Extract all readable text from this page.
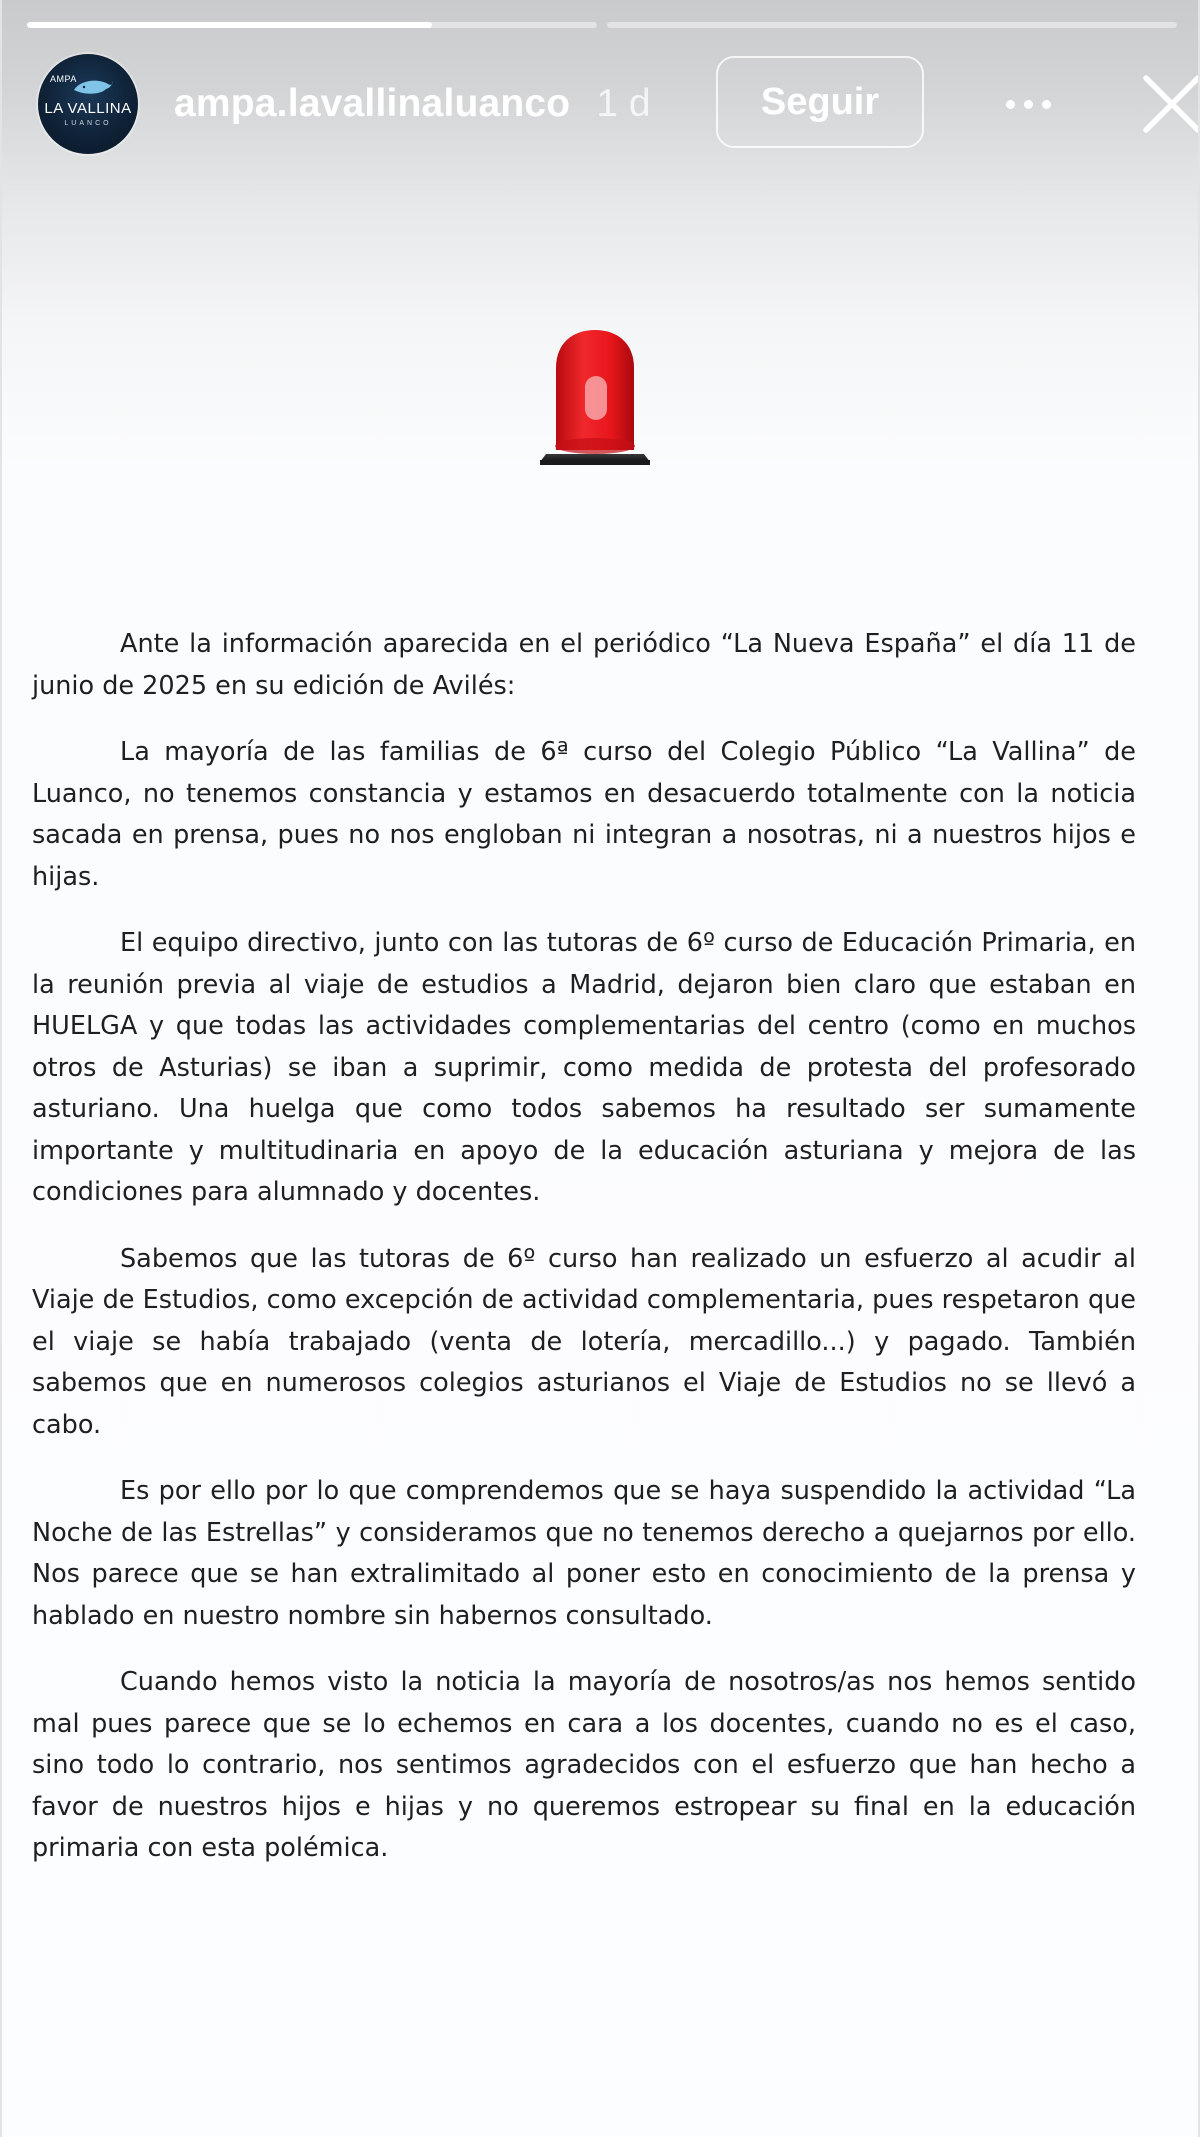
AMPA
LA VALLINA
LUANCO	ampa.lavallinaluanco 1 d	Seguir

Ante la información aparecida en el periódico “La Nueva España” el día 11 de junio de 2025 en su edición de Avilés:

La mayoría de las familias de 6ª curso del Colegio Público “La Vallina” de Luanco, no tenemos constancia y estamos en desacuerdo totalmente con la noticia sacada en prensa, pues no nos engloban ni integran a nosotras, ni a nuestros hijos e hijas.

El equipo directivo, junto con las tutoras de 6º curso de Educación Primaria, en la reunión previa al viaje de estudios a Madrid, dejaron bien claro que estaban en HUELGA y que todas las actividades complementarias del centro (como en muchos otros de Asturias) se iban a suprimir, como medida de protesta del profesorado asturiano. Una huelga que como todos sabemos ha resultado ser sumamente importante y multitudinaria en apoyo de la educación asturiana y mejora de las condiciones para alumnado y docentes.

Sabemos que las tutoras de 6º curso han realizado un esfuerzo al acudir al Viaje de Estudios, como excepción de actividad complementaria, pues respetaron que el viaje se había trabajado (venta de lotería, mercadillo...) y pagado. También sabemos que en numerosos colegios asturianos el Viaje de Estudios no se llevó a cabo.

Es por ello por lo que comprendemos que se haya suspendido la actividad “La Noche de las Estrellas” y consideramos que no tenemos derecho a quejarnos por ello. Nos parece que se han extralimitado al poner esto en conocimiento de la prensa y hablado en nuestro nombre sin habernos consultado.

Cuando hemos visto la noticia la mayoría de nosotros/as nos hemos sentido mal pues parece que se lo echemos en cara a los docentes, cuando no es el caso, sino todo lo contrario, nos sentimos agradecidos con el esfuerzo que han hecho a favor de nuestros hijos e hijas y no queremos estropear su final en la educación primaria con esta polémica.
